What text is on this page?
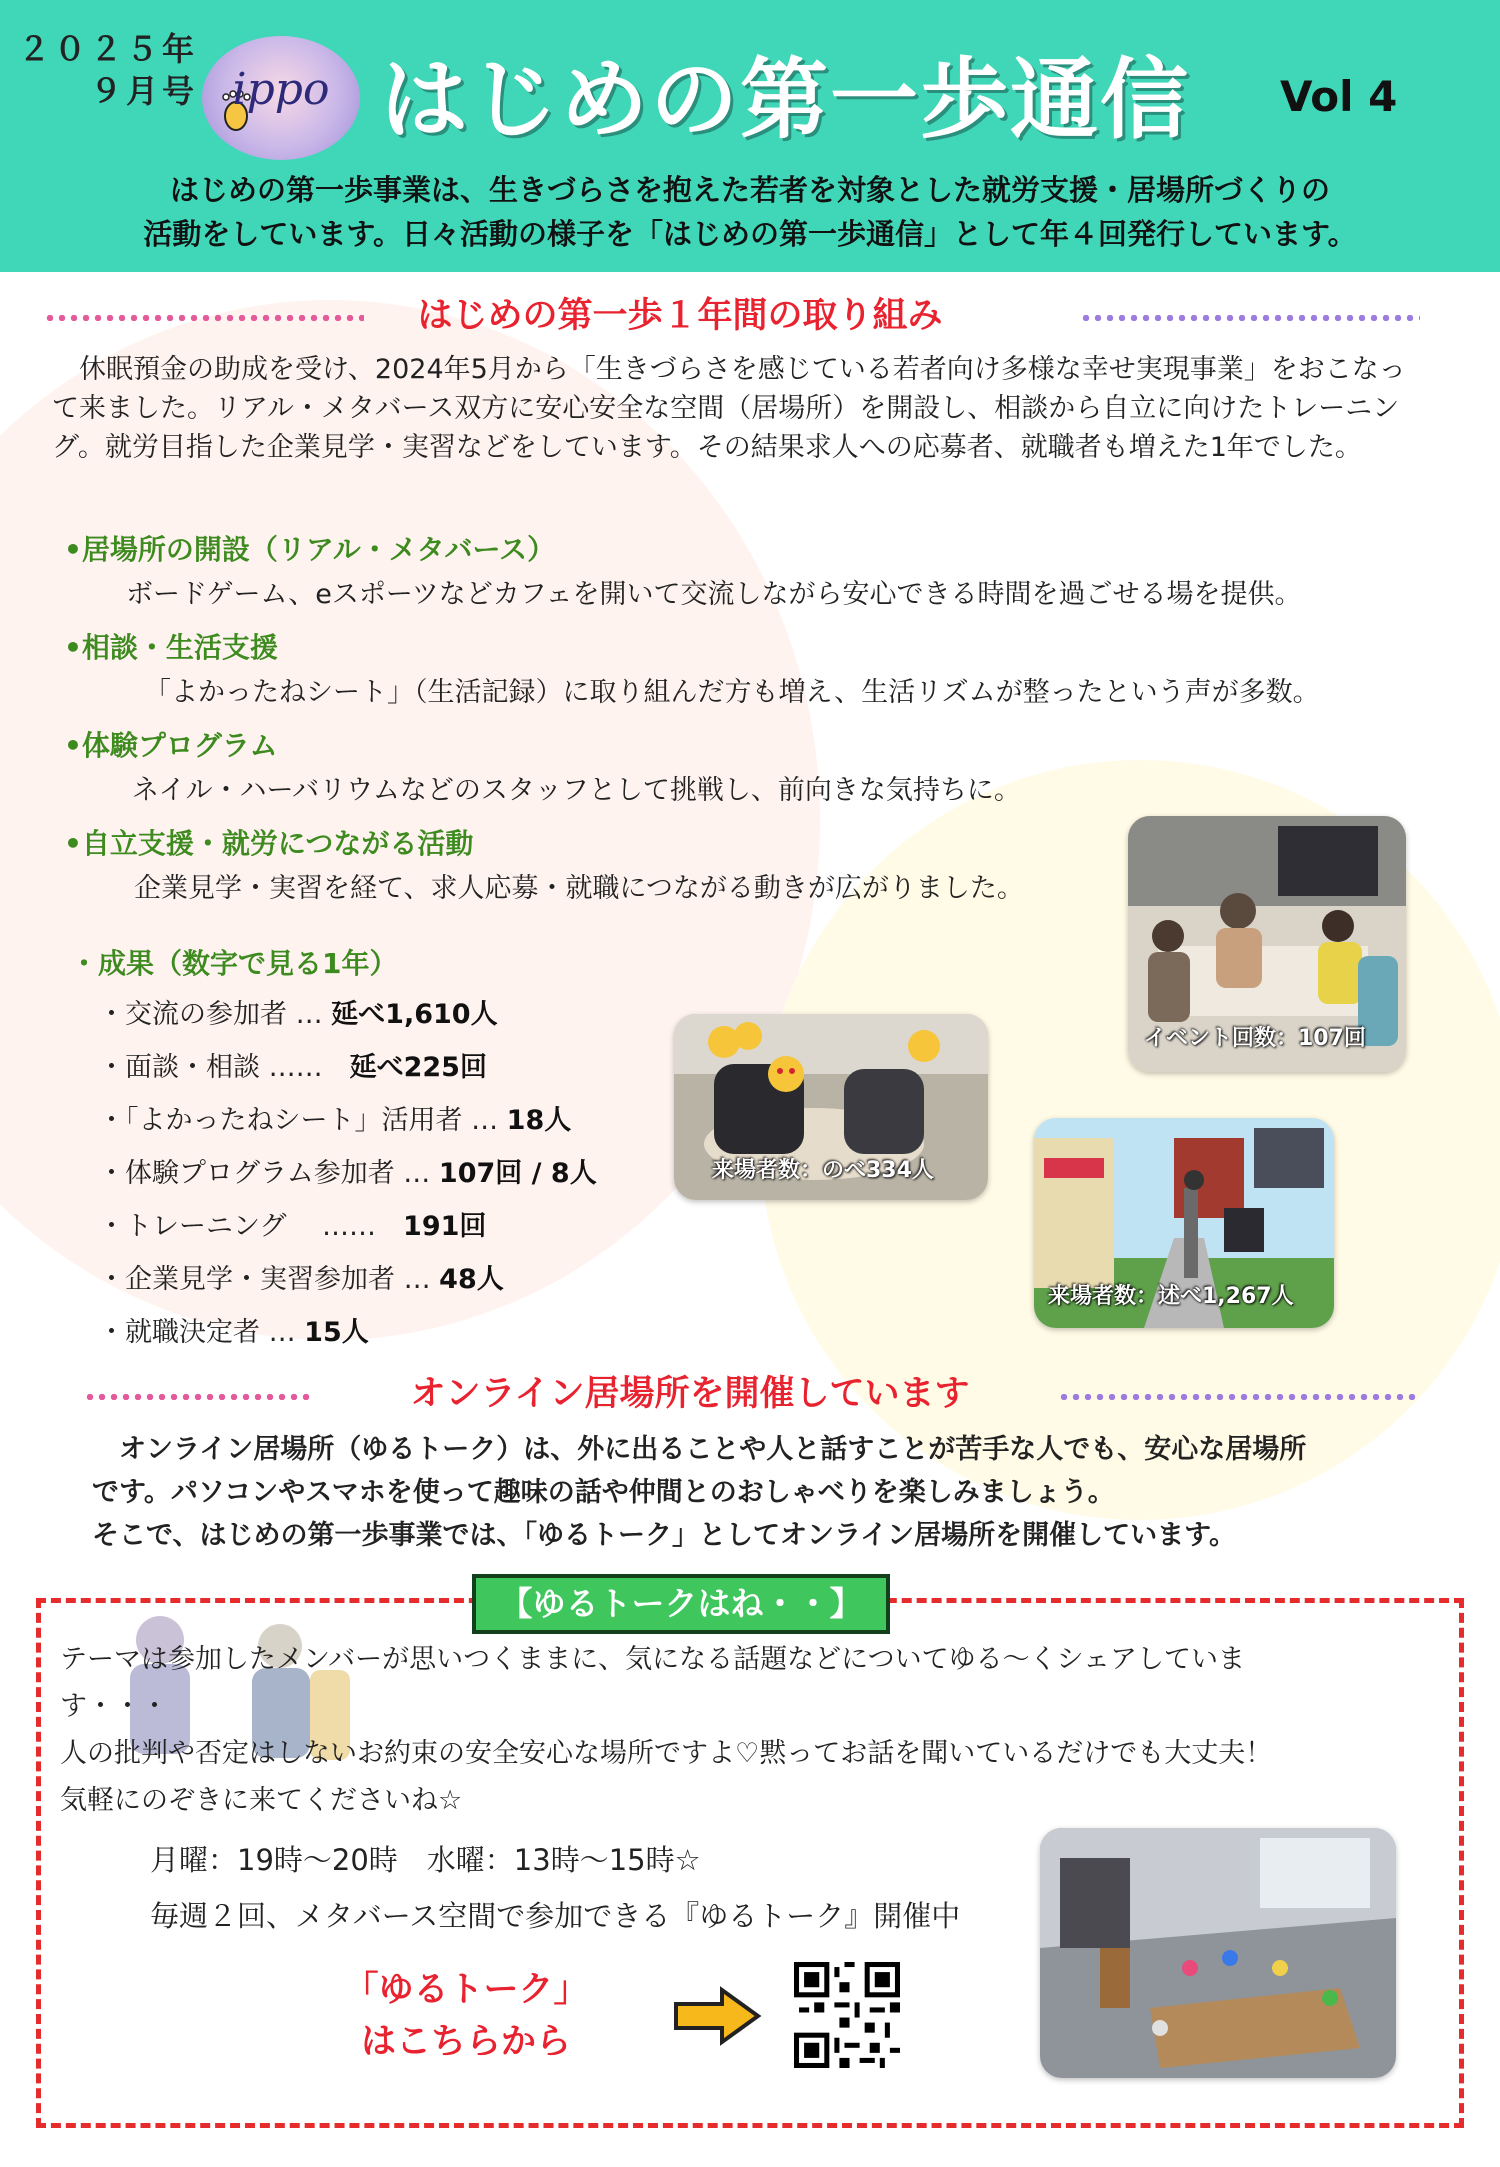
２０２５年
９月号 ippo はじめの第一歩通信	Vol 4
はじめの第一歩事業は、生きづらさを抱えた若者を対象とした就労支援・居場所づくりの
活動をしています。日々活動の様子を「はじめの第一歩通信」として年４回発行しています。
はじめの第一歩１年間の取り組み
　休眠預金の助成を受け、2024年5月から「生きづらさを感じている若者向け多様な幸せ実現事業」をおこなって来ました。リアル・メタバース双方に安心安全な空間（居場所）を開設し、相談から自立に向けたトレーニング。就労目指した企業見学・実習などをしています。その結果求人への応募者、就職者も増えた1年でした。
•居場所の開設（リアル・メタバース）
ボードゲーム、eスポーツなどカフェを開いて交流しながら安心できる時間を過ごせる場を提供。
•相談・生活支援
「よかったねシート」（生活記録）に取り組んだ方も増え、生活リズムが整ったという声が多数。
•体験プログラム
ネイル・ハーバリウムなどのスタッフとして挑戦し、前向きな気持ちに。
•自立支援・就労につながる活動
企業見学・実習を経て、求人応募・就職につながる動きが広がりました。
・成果（数字で見る1年）
・交流の参加者 … 延べ1,610人
・面談・相談 ……　延べ225回
・「よかったねシート」活用者 … 18人
・体験プログラム参加者 … 107回 / 8人
・トレーニング　 ……　191回
・企業見学・実習参加者 … 48人
・就職決定者 … 15人
イベント回数：107回
来場者数：のべ334人
来場者数：述べ1,267人
オンライン居場所を開催しています
　オンライン居場所（ゆるトーク）は、外に出ることや人と話すことが苦手な人でも、安心な居場所
です。パソコンやスマホを使って趣味の話や仲間とのおしゃべりを楽しみましょう。
そこで、はじめの第一歩事業では、「ゆるトーク」としてオンライン居場所を開催しています。
【ゆるトークはね・・】
テーマは参加したメンバーが思いつくままに、気になる話題などについてゆる～くシェアしていま
す・・・
人の批判や否定はしないお約束の安全安心な場所ですよ♡黙ってお話を聞いているだけでも大丈夫！
気軽にのぞきに来てくださいね☆
月曜：19時～20時　水曜：13時～15時☆
毎週２回、メタバース空間で参加できる『ゆるトーク』開催中
「ゆるトーク」
はこちらから
